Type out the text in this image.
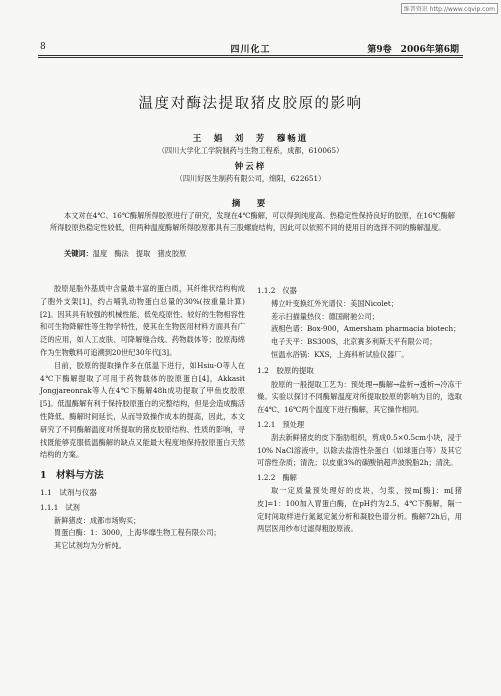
维普资讯 http://www.cqvip.com
8	四川化工	第9卷　2006年第6期
温度对酶法提取猪皮胶原的影响
王　娟　刘　芳　穆畅道
（四川大学化工学院制药与生物工程系，成都，610065）
钟云梓
（四川好医生制药有限公司，绵阳，622651）
摘　要
本文对在4℃、16℃酶解所得胶原进行了研究，发现在4℃酶解，可以得到纯度高、热稳定性保持良好的胶原，在16℃酶解所得胶原热稳定性较低，但两种温度酶解所得胶原都具有三股螺旋结构，因此可以依照不同的使用目的选择不同的酶解温度。
关键词：温度　酶法　提取　猪皮胶原

胶原是脂外基质中含量最丰富的蛋白质，其纤维状结构构成了胞外支架[1]，约占哺乳动物蛋白总量的30%(按重量计算)[2]。因其具有较强的机械性能、低免疫原性、较好的生物相容性和可生物降解性等生物学特性，使其在生物医用材料方面具有广泛的应用，如人工皮肤、可降解缝合线、药物载体等；胶原海绵作为生物敷料可追溯到20世纪30年代[3]。

目前，胶原的提取操作多在低温下进行，如Hsiu-O等人在4℃下酶解提取了可用于药物载体的胶原蛋白[4]，Akkasit Jongjareonrak等人在4℃下酶解48h成功提取了甲鱼皮胶原[5]。低温酶解有利于保持胶原蛋白的完整结构，但是会造成酶活性降低、酶解时间延长，从而导致操作成本的提高，因此，本文研究了不同酶解温度对所提取的猪皮胶原结构、性质的影响，寻找既能够克服低温酶解的缺点又能最大程度地保持胶原蛋白天然结构的方案。

1　材料与方法
1.1　试剂与仪器
1.1.1　试剂

新鲜猪皮：成都市场购买；

胃蛋白酶：1：3000，上海华靡生物工程有限公司；

其它试剂均为分析纯。

1.1.2　仪器

傅立叶变换红外光谱仪：美国Nicolet；

差示扫描量热仪：德国耐驰公司；

液相色谱：Box-900，Amersham pharmacia biotech；

电子天平：BS300S，北京赛多利斯天平有限公司；

恒温水浴锅：KXS，上海科析试验仪器厂。

1.2　胶原的提取

胶原的一般提取工艺为：预处理→酶解→盐析→透析→冷冻干燥。实验以探讨不同酶解温度对所提取胶原的影响为目的，选取在4℃、16℃两个温度下进行酶解，其它操作相同。

1.2.1　预处理

刮去新鲜猪皮的皮下脂肪组织，剪成0.5×0.5cm小块，浸于10% NaCl溶液中，以除去盐溶性杂蛋白（如球蛋白等）及其它可溶性杂质；清洗；以皮重3%的碳酸钠超声波脱脂2h；清洗。

1.2.2　酶解

取一定质量预处理好的皮块，匀浆，按m[酶]：m[猪皮]=1：100加入胃蛋白酶，在pH约为2.5、4℃下酶解，隔一定时间取样进行氮氮定氮分析和凝胶色谱分析。酶解72h后，用两层医用纱布过滤得粗胶原液。
